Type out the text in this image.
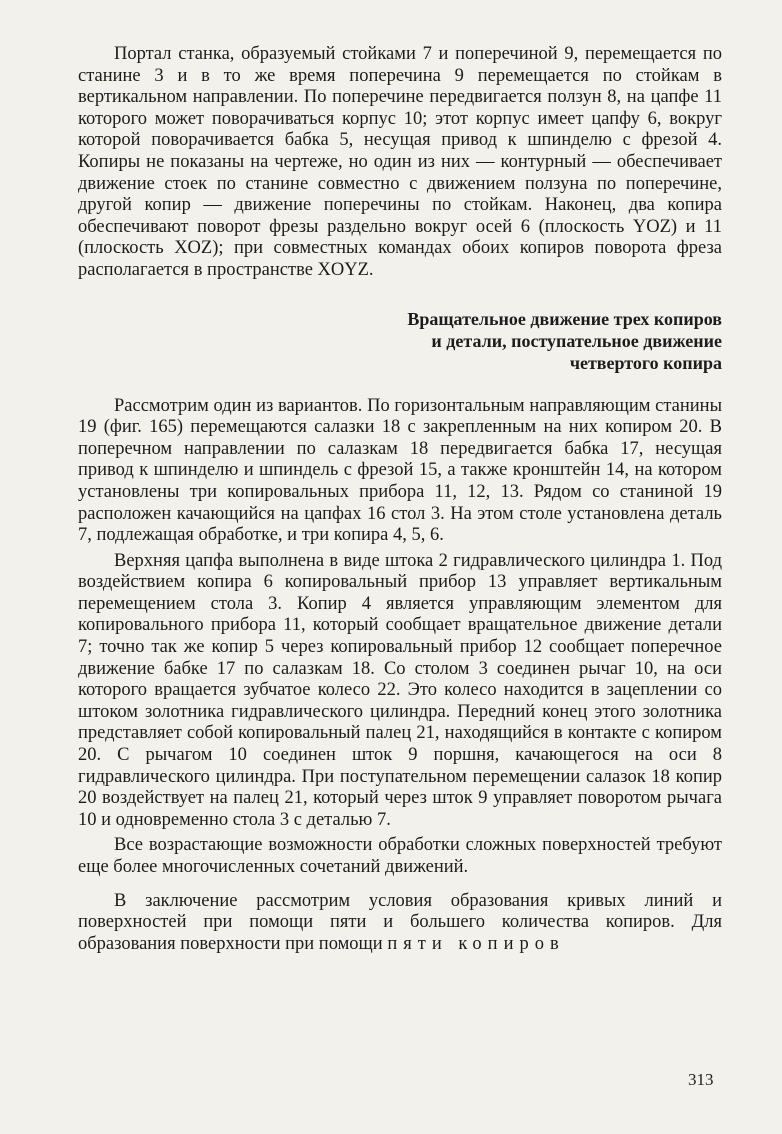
Портал станка, образуемый стойками 7 и поперечиной 9, перемещается по станине 3 и в то же время поперечина 9 перемещается по стойкам в вертикальном направлении. По поперечине передвигается ползун 8, на цапфе 11 которого может поворачиваться корпус 10; этот корпус имеет цапфу 6, вокруг которой поворачивается бабка 5, несущая привод к шпинделю с фрезой 4. Копиры не показаны на чертеже, но один из них — контурный — обеспечивает движение стоек по станине совместно с движением ползуна по поперечине, другой копир — движение поперечины по стойкам. Наконец, два копира обеспечивают поворот фрезы раздельно вокруг осей 6 (плоскость YOZ) и 11 (плоскость XOZ); при совместных командах обоих копиров поворота фреза располагается в пространстве XOYZ.

Вращательное движение трех копиров
и детали, поступательное движение
четвертого копира

Рассмотрим один из вариантов. По горизонтальным направляющим станины 19 (фиг. 165) перемещаются салазки 18 с закрепленным на них копиром 20. В поперечном направлении по салазкам 18 передвигается бабка 17, несущая привод к шпинделю и шпиндель с фрезой 15, а также кронштейн 14, на котором установлены три копировальных прибора 11, 12, 13. Рядом со станиной 19 расположен качающийся на цапфах 16 стол 3. На этом столе установлена деталь 7, подлежащая обработке, и три копира 4, 5, 6.

Верхняя цапфа выполнена в виде штока 2 гидравлического цилиндра 1. Под воздействием копира 6 копировальный прибор 13 управляет вертикальным перемещением стола 3. Копир 4 является управляющим элементом для копировального прибора 11, который сообщает вращательное движение детали 7; точно так же копир 5 через копировальный прибор 12 сообщает поперечное движение бабке 17 по салазкам 18. Со столом 3 соединен рычаг 10, на оси которого вращается зубчатое колесо 22. Это колесо находится в зацеплении со штоком золотника гидравлического цилиндра. Передний конец этого золотника представляет собой копировальный палец 21, находящийся в контакте с копиром 20. С рычагом 10 соединен шток 9 поршня, качающегося на оси 8 гидравлического цилиндра. При поступательном перемещении салазок 18 копир 20 воздействует на палец 21, который через шток 9 управляет поворотом рычага 10 и одновременно стола 3 с деталью 7.

Все возрастающие возможности обработки сложных поверхностей требуют еще более многочисленных сочетаний движений.

В заключение рассмотрим условия образования кривых линий и поверхностей при помощи пяти и большего количества копиров. Для образования поверхности при помощи пяти копиров

313
